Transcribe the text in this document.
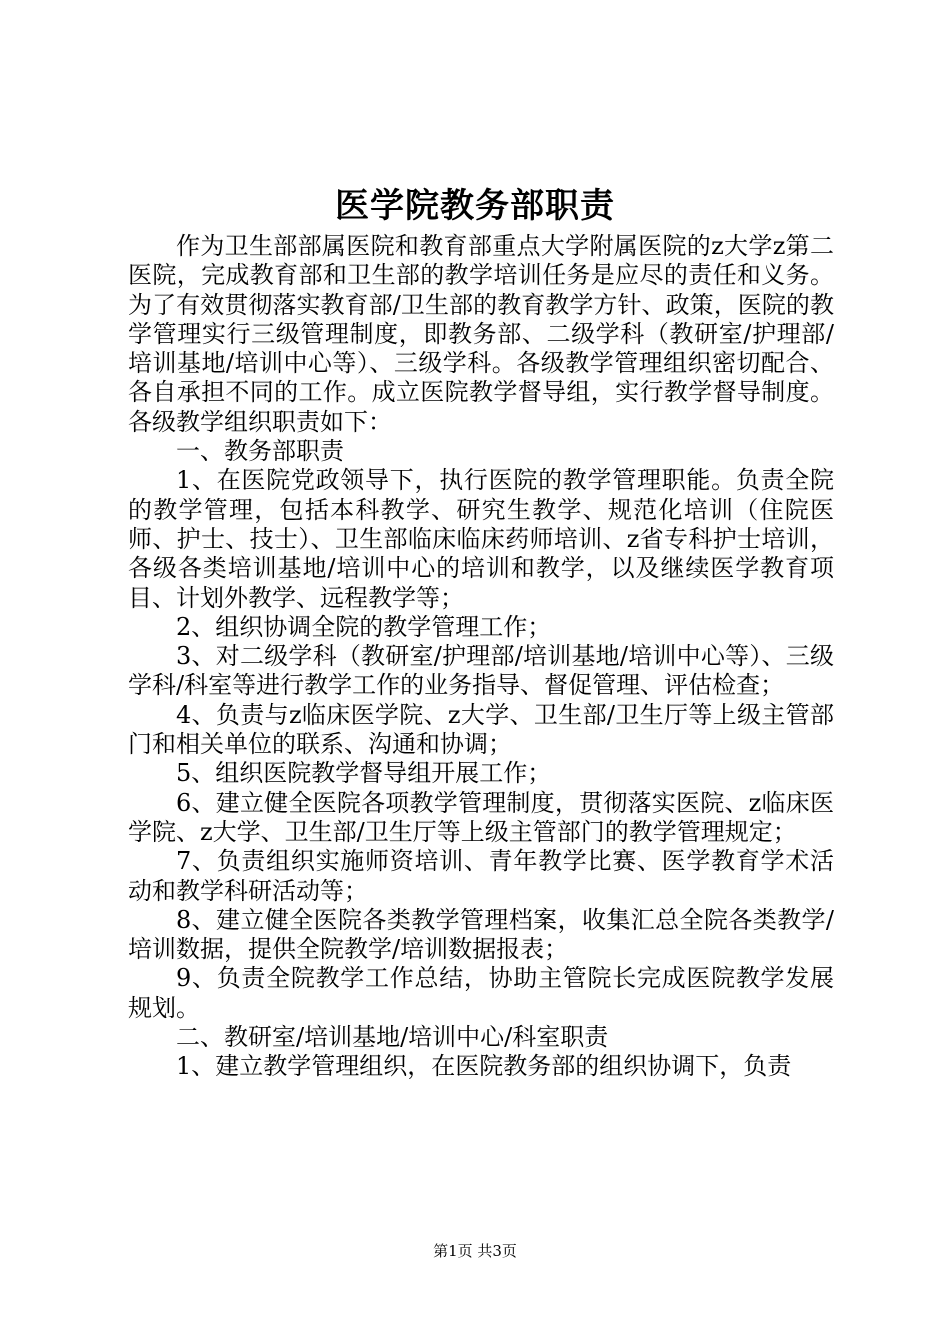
医学院教务部职责

作为卫生部部属医院和教育部重点大学附属医院的z大学z第二医院，完成教育部和卫生部的教学培训任务是应尽的责任和义务。为了有效贯彻落实教育部/卫生部的教育教学方针、政策，医院的教学管理实行三级管理制度，即教务部、二级学科（教研室/护理部/培训基地/培训中心等）、三级学科。各级教学管理组织密切配合、各自承担不同的工作。成立医院教学督导组，实行教学督导制度。各级教学组织职责如下：

一、教务部职责

1、在医院党政领导下，执行医院的教学管理职能。负责全院的教学管理，包括本科教学、研究生教学、规范化培训（住院医师、护士、技士）、卫生部临床临床药师培训、z省专科护士培训，各级各类培训基地/培训中心的培训和教学，以及继续医学教育项目、计划外教学、远程教学等；

2、组织协调全院的教学管理工作；

3、对二级学科（教研室/护理部/培训基地/培训中心等）、三级学科/科室等进行教学工作的业务指导、督促管理、评估检查；

4、负责与z临床医学院、z大学、卫生部/卫生厅等上级主管部门和相关单位的联系、沟通和协调；

5、组织医院教学督导组开展工作；

6、建立健全医院各项教学管理制度，贯彻落实医院、z临床医学院、z大学、卫生部/卫生厅等上级主管部门的教学管理规定；

7、负责组织实施师资培训、青年教学比赛、医学教育学术活动和教学科研活动等；

8、建立健全医院各类教学管理档案，收集汇总全院各类教学/培训数据，提供全院教学/培训数据报表；

9、负责全院教学工作总结，协助主管院长完成医院教学发展规划。

二、教研室/培训基地/培训中心/科室职责

1、建立教学管理组织，在医院教务部的组织协调下，负责

第1页 共3页
